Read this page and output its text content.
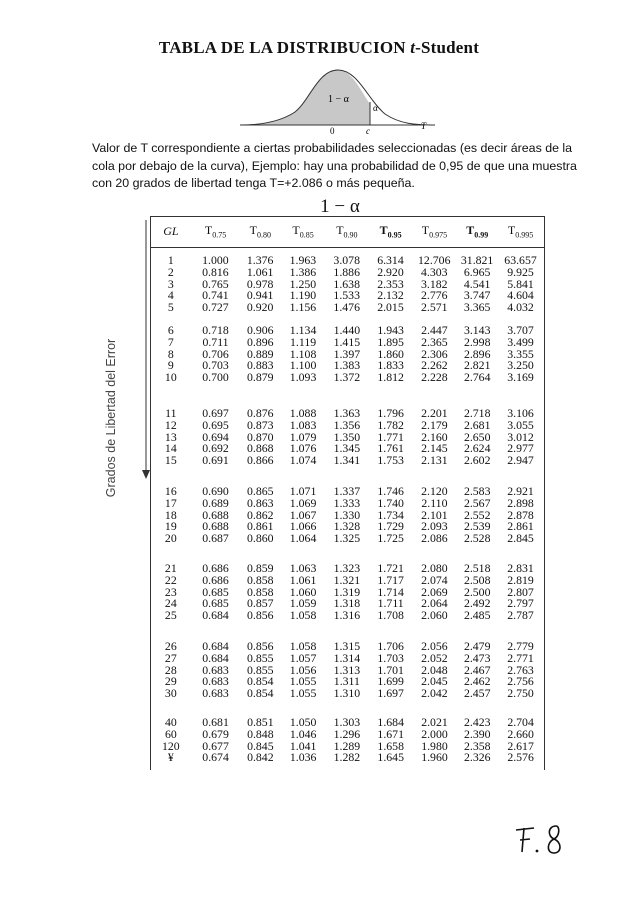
TABLA DE LA DISTRIBUCION t-Student
1 − α
α
0	c	T
Valor de T correspondiente a ciertas probabilidades seleccionadas (es decir áreas de la cola por debajo de la curva), Ejemplo: hay una probabilidad de 0,95 de que una muestra con 20 grados de libertad tenga T=+2.086 o más pequeña.
1 − α
Grados de Libertad del Error
GL	$T_{0.75}$	$T_{0.80}$	$T_{0.85}$	$T_{0.90}$	$T_{0.95}$	$T_{0.975}$	$T_{0.99}$	$T_{0.995}$
1	1.000	1.376	1.963	3.078	6.314	12.706	31.821	63.657
2	0.816	1.061	1.386	1.886	2.920	4.303	6.965	9.925
3	0.765	0.978	1.250	1.638	2.353	3.182	4.541	5.841
4	0.741	0.941	1.190	1.533	2.132	2.776	3.747	4.604
5	0.727	0.920	1.156	1.476	2.015	2.571	3.365	4.032
6	0.718	0.906	1.134	1.440	1.943	2.447	3.143	3.707
7	0.711	0.896	1.119	1.415	1.895	2.365	2.998	3.499
8	0.706	0.889	1.108	1.397	1.860	2.306	2.896	3.355
9	0.703	0.883	1.100	1.383	1.833	2.262	2.821	3.250
10	0.700	0.879	1.093	1.372	1.812	2.228	2.764	3.169
11	0.697	0.876	1.088	1.363	1.796	2.201	2.718	3.106
12	0.695	0.873	1.083	1.356	1.782	2.179	2.681	3.055
13	0.694	0.870	1.079	1.350	1.771	2.160	2.650	3.012
14	0.692	0.868	1.076	1.345	1.761	2.145	2.624	2.977
15	0.691	0.866	1.074	1.341	1.753	2.131	2.602	2.947
16	0.690	0.865	1.071	1.337	1.746	2.120	2.583	2.921
17	0.689	0.863	1.069	1.333	1.740	2.110	2.567	2.898
18	0.688	0.862	1.067	1.330	1.734	2.101	2.552	2.878
19	0.688	0.861	1.066	1.328	1.729	2.093	2.539	2.861
20	0.687	0.860	1.064	1.325	1.725	2.086	2.528	2.845
21	0.686	0.859	1.063	1.323	1.721	2.080	2.518	2.831
22	0.686	0.858	1.061	1.321	1.717	2.074	2.508	2.819
23	0.685	0.858	1.060	1.319	1.714	2.069	2.500	2.807
24	0.685	0.857	1.059	1.318	1.711	2.064	2.492	2.797
25	0.684	0.856	1.058	1.316	1.708	2.060	2.485	2.787
26	0.684	0.856	1.058	1.315	1.706	2.056	2.479	2.779
27	0.684	0.855	1.057	1.314	1.703	2.052	2.473	2.771
28	0.683	0.855	1.056	1.313	1.701	2.048	2.467	2.763
29	0.683	0.854	1.055	1.311	1.699	2.045	2.462	2.756
30	0.683	0.854	1.055	1.310	1.697	2.042	2.457	2.750
40	0.681	0.851	1.050	1.303	1.684	2.021	2.423	2.704
60	0.679	0.848	1.046	1.296	1.671	2.000	2.390	2.660
120	0.677	0.845	1.041	1.289	1.658	1.980	2.358	2.617
¥	0.674	0.842	1.036	1.282	1.645	1.960	2.326	2.576
F. 8
